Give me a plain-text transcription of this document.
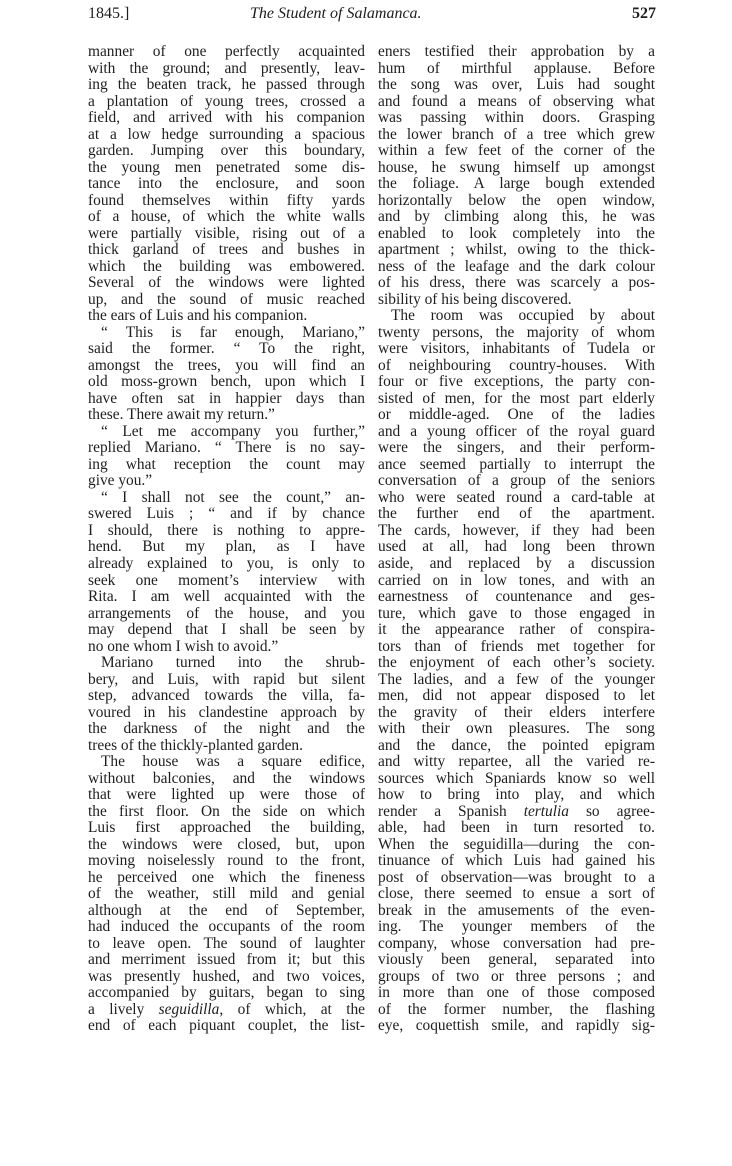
1845.]	The Student of Salamanca.	527
manner of one perfectly acquainted
with the ground; and presently, leav-
ing the beaten track, he passed through
a plantation of young trees, crossed a
field, and arrived with his companion
at a low hedge surrounding a spacious
garden. Jumping over this boundary,
the young men penetrated some dis-
tance into the enclosure, and soon
found themselves within fifty yards
of a house, of which the white walls
were partially visible, rising out of a
thick garland of trees and bushes in
which the building was embowered.
Several of the windows were lighted
up, and the sound of music reached
the ears of Luis and his companion.
“ This is far enough, Mariano,”
said the former. “ To the right,
amongst the trees, you will find an
old moss-grown bench, upon which I
have often sat in happier days than
these. There await my return.”
“ Let me accompany you further,”
replied Mariano. “ There is no say-
ing what reception the count may
give you.”
“ I shall not see the count,” an-
swered Luis ; “ and if by chance
I should, there is nothing to appre-
hend. But my plan, as I have
already explained to you, is only to
seek one moment’s interview with
Rita. I am well acquainted with the
arrangements of the house, and you
may depend that I shall be seen by
no one whom I wish to avoid.”
Mariano turned into the shrub-
bery, and Luis, with rapid but silent
step, advanced towards the villa, fa-
voured in his clandestine approach by
the darkness of the night and the
trees of the thickly-planted garden.
The house was a square edifice,
without balconies, and the windows
that were lighted up were those of
the first floor. On the side on which
Luis first approached the building,
the windows were closed, but, upon
moving noiselessly round to the front,
he perceived one which the fineness
of the weather, still mild and genial
although at the end of September,
had induced the occupants of the room
to leave open. The sound of laughter
and merriment issued from it; but this
was presently hushed, and two voices,
accompanied by guitars, began to sing
a lively seguidilla, of which, at the
end of each piquant couplet, the list-
eners testified their approbation by a
hum of mirthful applause. Before
the song was over, Luis had sought
and found a means of observing what
was passing within doors. Grasping
the lower branch of a tree which grew
within a few feet of the corner of the
house, he swung himself up amongst
the foliage. A large bough extended
horizontally below the open window,
and by climbing along this, he was
enabled to look completely into the
apartment ; whilst, owing to the thick-
ness of the leafage and the dark colour
of his dress, there was scarcely a pos-
sibility of his being discovered.
The room was occupied by about
twenty persons, the majority of whom
were visitors, inhabitants of Tudela or
of neighbouring country-houses. With
four or five exceptions, the party con-
sisted of men, for the most part elderly
or middle-aged. One of the ladies
and a young officer of the royal guard
were the singers, and their perform-
ance seemed partially to interrupt the
conversation of a group of the seniors
who were seated round a card-table at
the further end of the apartment.
The cards, however, if they had been
used at all, had long been thrown
aside, and replaced by a discussion
carried on in low tones, and with an
earnestness of countenance and ges-
ture, which gave to those engaged in
it the appearance rather of conspira-
tors than of friends met together for
the enjoyment of each other’s society.
The ladies, and a few of the younger
men, did not appear disposed to let
the gravity of their elders interfere
with their own pleasures. The song
and the dance, the pointed epigram
and witty repartee, all the varied re-
sources which Spaniards know so well
how to bring into play, and which
render a Spanish tertulia so agree-
able, had been in turn resorted to.
When the seguidilla—during the con-
tinuance of which Luis had gained his
post of observation—was brought to a
close, there seemed to ensue a sort of
break in the amusements of the even-
ing. The younger members of the
company, whose conversation had pre-
viously been general, separated into
groups of two or three persons ; and
in more than one of those composed
of the former number, the flashing
eye, coquettish smile, and rapidly sig-
